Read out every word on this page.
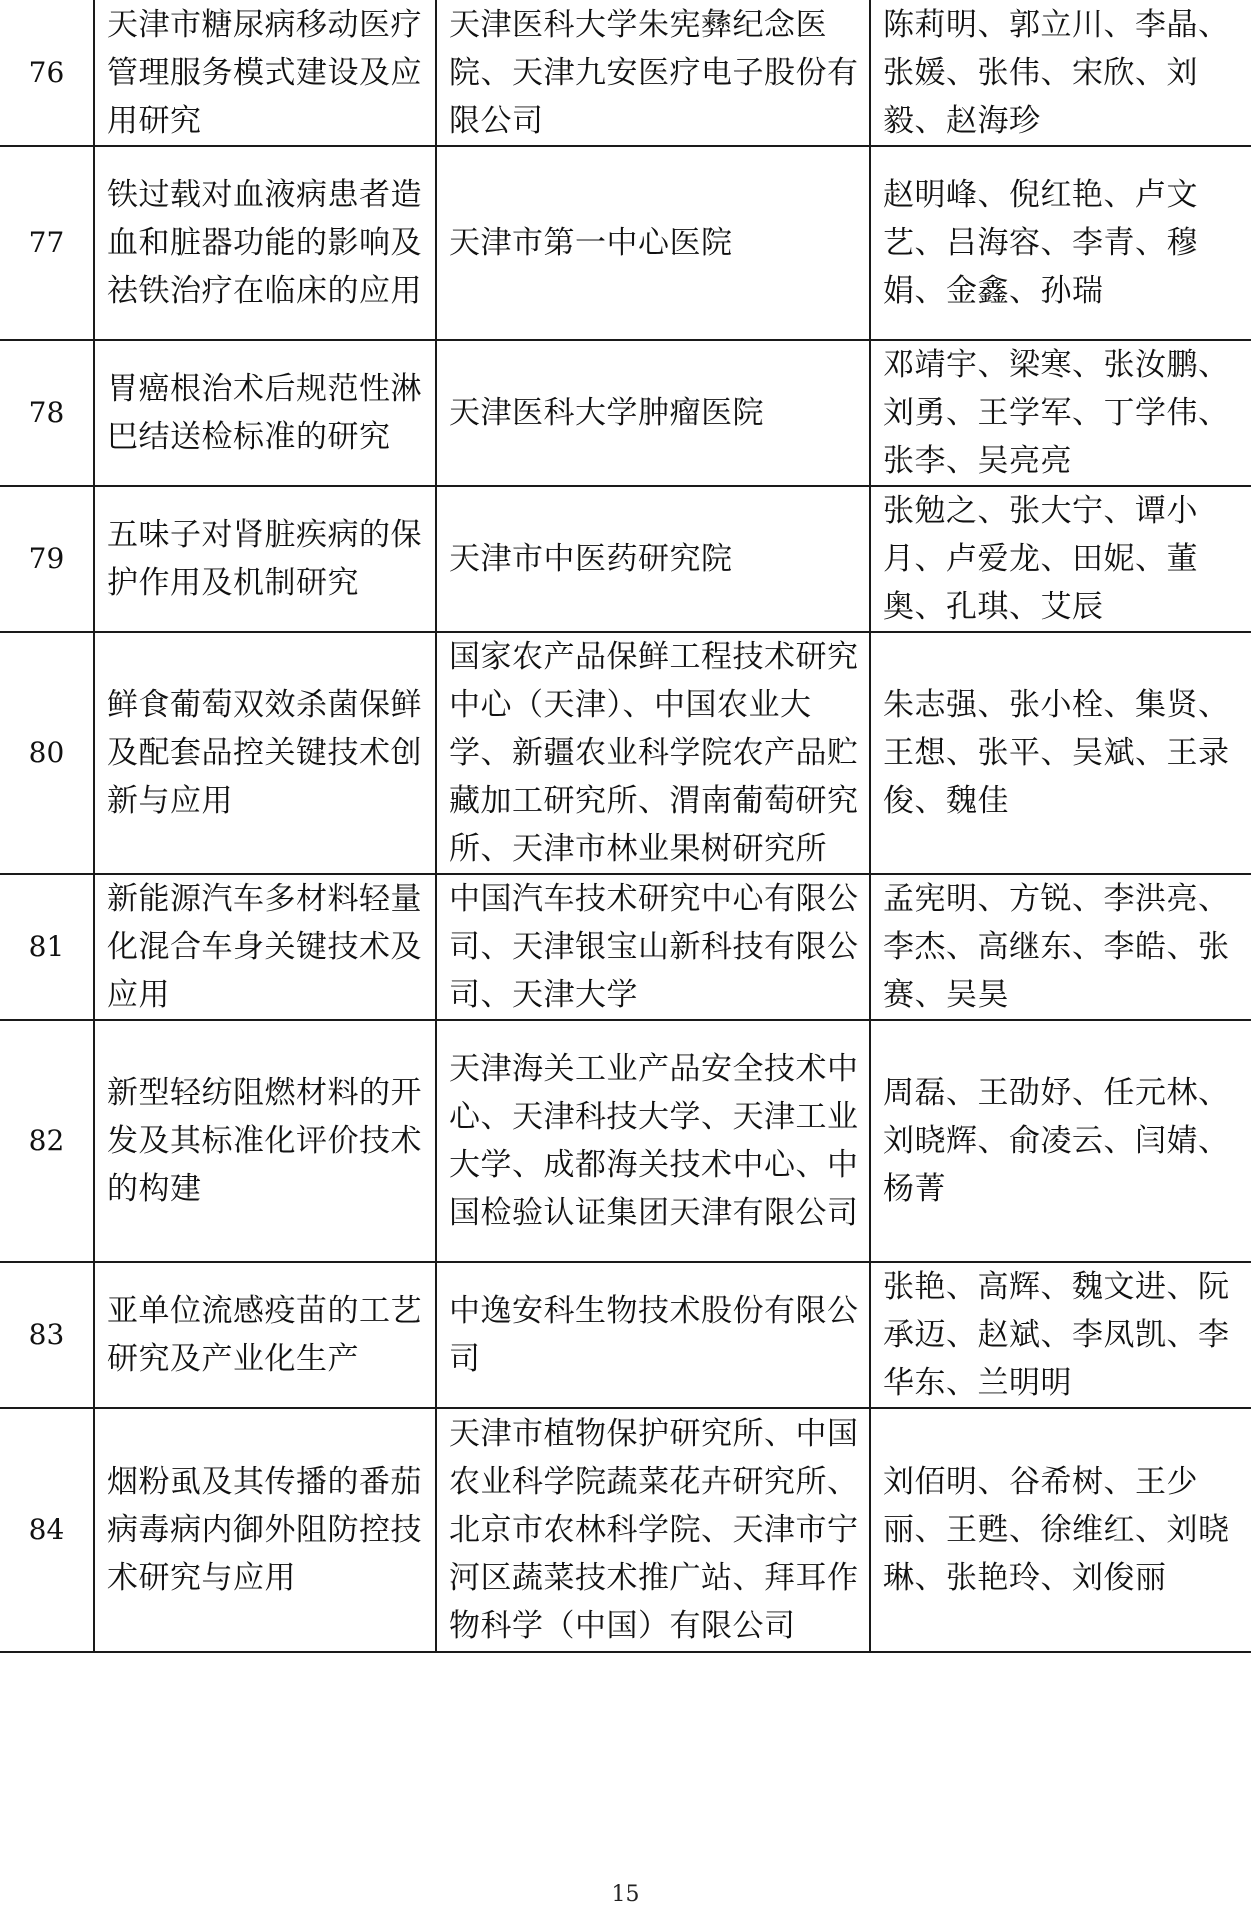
76	天津市糖尿病移动医疗管理服务模式建设及应用研究	天津医科大学朱宪彝纪念医院、天津九安医疗电子股份有限公司	陈莉明、郭立川、李晶、张媛、张伟、宋欣、刘毅、赵海珍

77	铁过载对血液病患者造血和脏器功能的影响及祛铁治疗在临床的应用	天津市第一中心医院	赵明峰、倪红艳、卢文艺、吕海容、李青、穆娟、金鑫、孙瑞

78	胃癌根治术后规范性淋巴结送检标准的研究	天津医科大学肿瘤医院	邓靖宇、梁寒、张汝鹏、刘勇、王学军、丁学伟、张李、吴亮亮

79	五味子对肾脏疾病的保护作用及机制研究	天津市中医药研究院	张勉之、张大宁、谭小月、卢爱龙、田妮、董奥、孔琪、艾辰

80	鲜食葡萄双效杀菌保鲜及配套品控关键技术创新与应用	国家农产品保鲜工程技术研究中心（天津）、中国农业大学、新疆农业科学院农产品贮藏加工研究所、渭南葡萄研究所、天津市林业果树研究所	朱志强、张小栓、集贤、王想、张平、吴斌、王录俊、魏佳

81	新能源汽车多材料轻量化混合车身关键技术及应用	中国汽车技术研究中心有限公司、天津银宝山新科技有限公司、天津大学	孟宪明、方锐、李洪亮、李杰、高继东、李皓、张赛、吴昊

82	新型轻纺阻燃材料的开发及其标准化评价技术的构建	天津海关工业产品安全技术中心、天津科技大学、天津工业大学、成都海关技术中心、中国检验认证集团天津有限公司	周磊、王劭妤、任元林、刘晓辉、俞凌云、闫婧、杨菁

83	亚单位流感疫苗的工艺研究及产业化生产	中逸安科生物技术股份有限公司	张艳、高辉、魏文进、阮承迈、赵斌、李凤凯、李华东、兰明明

84	烟粉虱及其传播的番茄病毒病内御外阻防控技术研究与应用	天津市植物保护研究所、中国农业科学院蔬菜花卉研究所、北京市农林科学院、天津市宁河区蔬菜技术推广站、拜耳作物科学（中国）有限公司	刘佰明、谷希树、王少丽、王甦、徐维红、刘晓琳、张艳玲、刘俊丽
15
